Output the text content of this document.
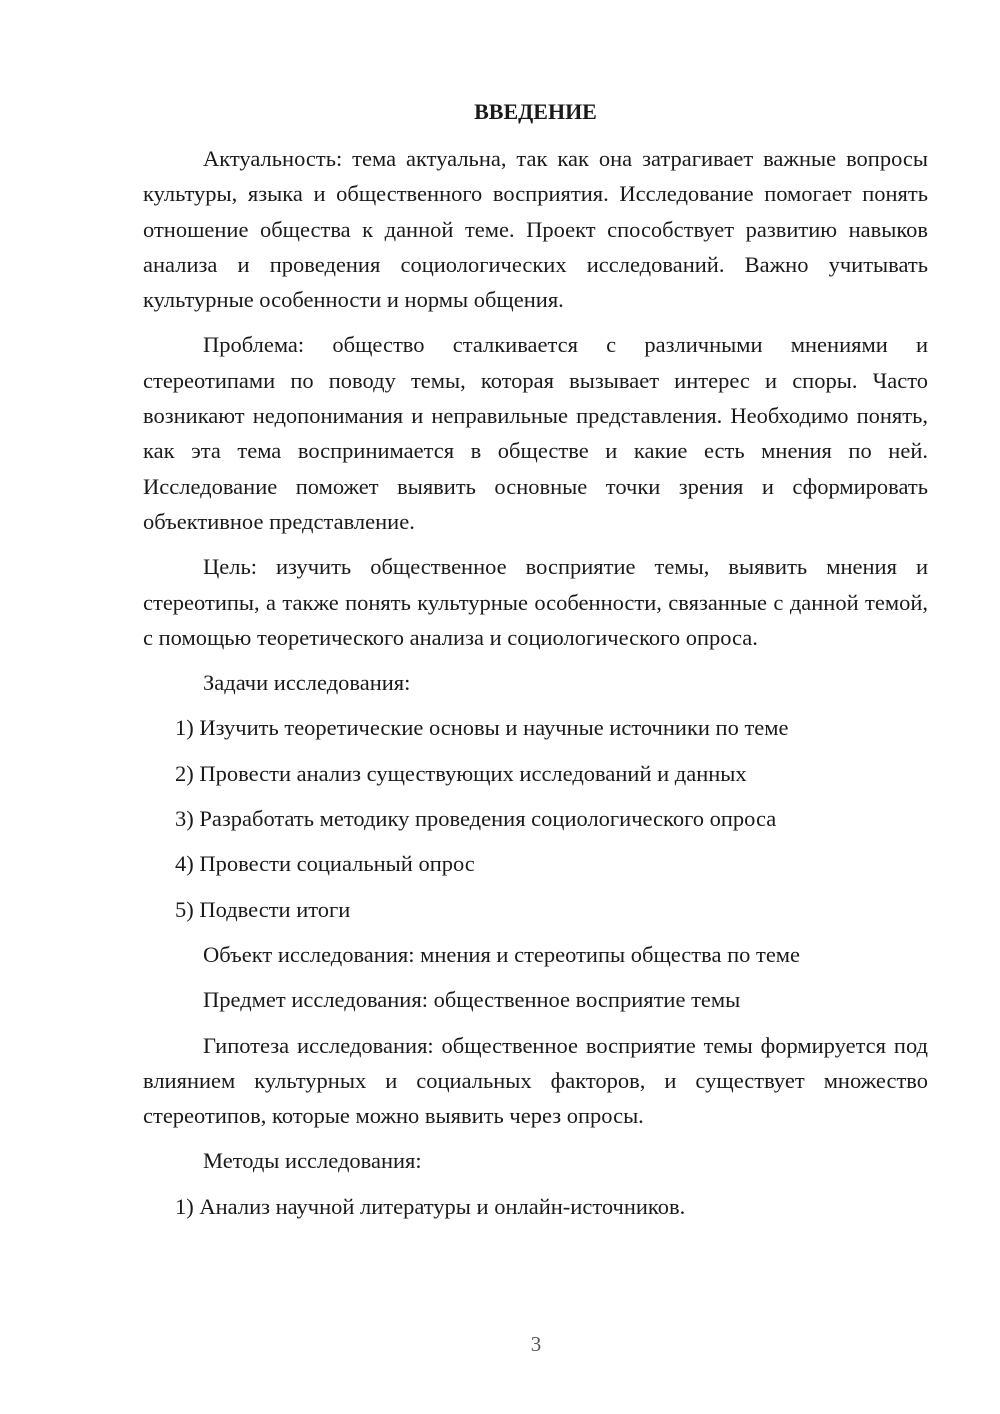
ВВЕДЕНИЕ

Актуальность: тема актуальна, так как она затрагивает важные вопросы культуры, языка и общественного восприятия. Исследование помогает понять отношение общества к данной теме. Проект способствует развитию навыков анализа и проведения социологических исследований. Важно учитывать культурные особенности и нормы общения.

Проблема: общество сталкивается с различными мнениями и стереотипами по поводу темы, которая вызывает интерес и споры. Часто возникают недопонимания и неправильные представления. Необходимо понять, как эта тема воспринимается в обществе и какие есть мнения по ней. Исследование поможет выявить основные точки зрения и сформировать объективное представление.

Цель: изучить общественное восприятие темы, выявить мнения и стереотипы, а также понять культурные особенности, связанные с данной темой, с помощью теоретического анализа и социологического опроса.

Задачи исследования:
1) Изучить теоретические основы и научные источники по теме
2) Провести анализ существующих исследований и данных
3) Разработать методику проведения социологического опроса
4) Провести социальный опрос
5) Подвести итоги
Объект исследования: мнения и стереотипы общества по теме
Предмет исследования: общественное восприятие темы

Гипотеза исследования: общественное восприятие темы формируется под влиянием культурных и социальных факторов, и существует множество стереотипов, которые можно выявить через опросы.

Методы исследования:
1) Анализ научной литературы и онлайн-источников.
3
